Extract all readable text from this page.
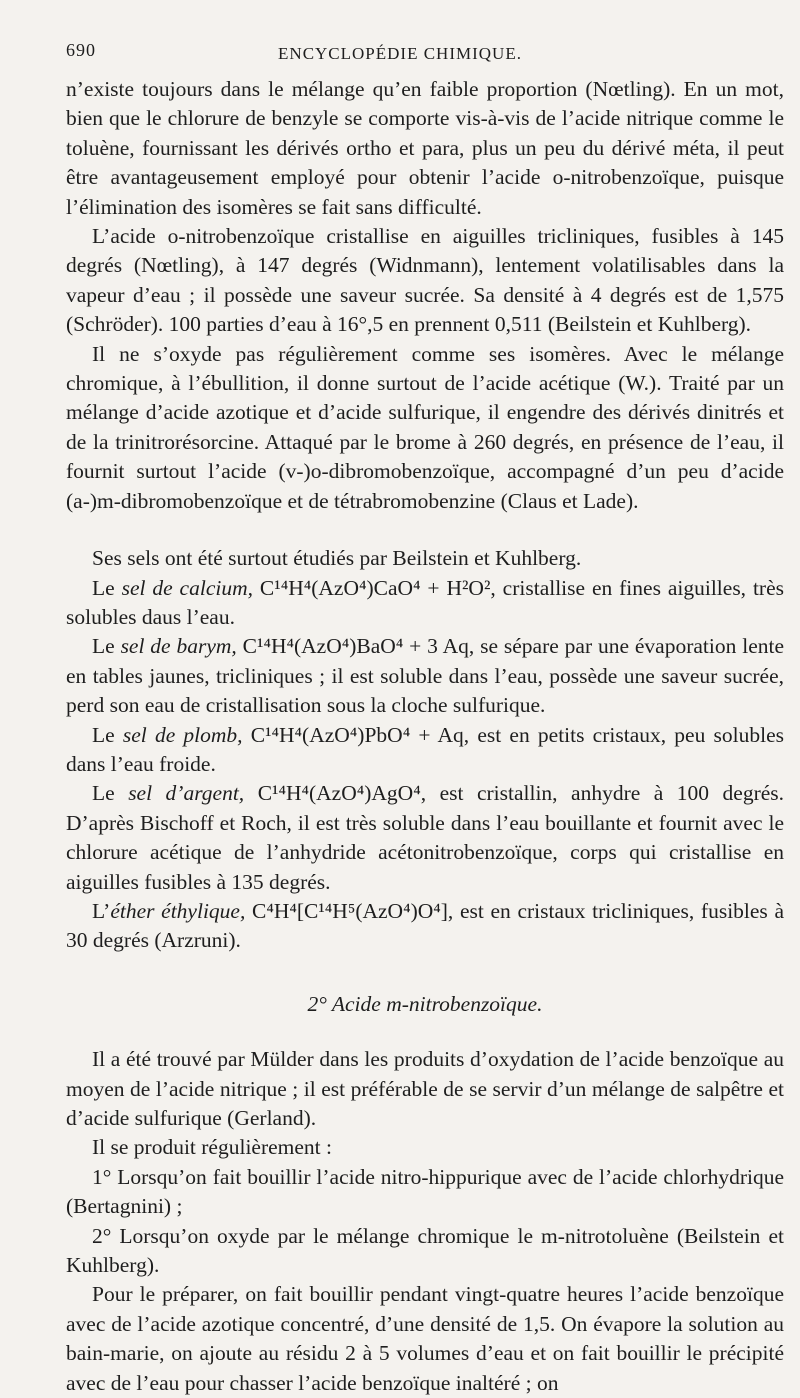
690	ENCYCLOPÉDIE CHIMIQUE.

n’existe toujours dans le mélange qu’en faible proportion (Nœtling). En un mot, bien que le chlorure de benzyle se comporte vis-à-vis de l’acide nitrique comme le toluène, fournissant les dérivés ortho et para, plus un peu du dérivé méta, il peut être avantageusement employé pour obtenir l’acide o-nitrobenzoïque, puisque l’élimination des isomères se fait sans difficulté.

L’acide o-nitrobenzoïque cristallise en aiguilles tricliniques, fusibles à 145 degrés (Nœtling), à 147 degrés (Widnmann), lentement volatilisables dans la vapeur d’eau ; il possède une saveur sucrée. Sa densité à 4 degrés est de 1,575 (Schröder). 100 parties d’eau à 16°,5 en prennent 0,511 (Beilstein et Kuhlberg).

Il ne s’oxyde pas régulièrement comme ses isomères. Avec le mélange chromique, à l’ébullition, il donne surtout de l’acide acétique (W.). Traité par un mélange d’acide azotique et d’acide sulfurique, il engendre des dérivés dinitrés et de la trinitrorésorcine. Attaqué par le brome à 260 degrés, en présence de l’eau, il fournit surtout l’acide (v-)o-dibromobenzoïque, accompagné d’un peu d’acide (a-)m-dibromobenzoïque et de tétrabromobenzine (Claus et Lade).

Ses sels ont été surtout étudiés par Beilstein et Kuhlberg.

Le sel de calcium, C¹⁴H⁴(AzO⁴)CaO⁴ + H²O², cristallise en fines aiguilles, très solubles daus l’eau.

Le sel de barym, C¹⁴H⁴(AzO⁴)BaO⁴ + 3 Aq, se sépare par une évaporation lente en tables jaunes, tricliniques ; il est soluble dans l’eau, possède une saveur sucrée, perd son eau de cristallisation sous la cloche sulfurique.

Le sel de plomb, C¹⁴H⁴(AzO⁴)PbO⁴ + Aq, est en petits cristaux, peu solubles dans l’eau froide.

Le sel d’argent, C¹⁴H⁴(AzO⁴)AgO⁴, est cristallin, anhydre à 100 degrés. D’après Bischoff et Roch, il est très soluble dans l’eau bouillante et fournit avec le chlorure acétique de l’anhydride acétonitrobenzoïque, corps qui cristallise en aiguilles fusibles à 135 degrés.

L’éther éthylique, C⁴H⁴[C¹⁴H⁵(AzO⁴)O⁴], est en cristaux tricliniques, fusibles à 30 degrés (Arzruni).

2° Acide m-nitrobenzoïque.

Il a été trouvé par Mülder dans les produits d’oxydation de l’acide benzoïque au moyen de l’acide nitrique ; il est préférable de se servir d’un mélange de salpêtre et d’acide sulfurique (Gerland).

Il se produit régulièrement :

1° Lorsqu’on fait bouillir l’acide nitro-hippurique avec de l’acide chlorhydrique (Bertagnini) ;

2° Lorsqu’on oxyde par le mélange chromique le m-nitrotoluène (Beilstein et Kuhlberg).

Pour le préparer, on fait bouillir pendant vingt-quatre heures l’acide benzoïque avec de l’acide azotique concentré, d’une densité de 1,5. On évapore la solution au bain-marie, on ajoute au résidu 2 à 5 volumes d’eau et on fait bouillir le précipité avec de l’eau pour chasser l’acide benzoïque inaltéré ; on
